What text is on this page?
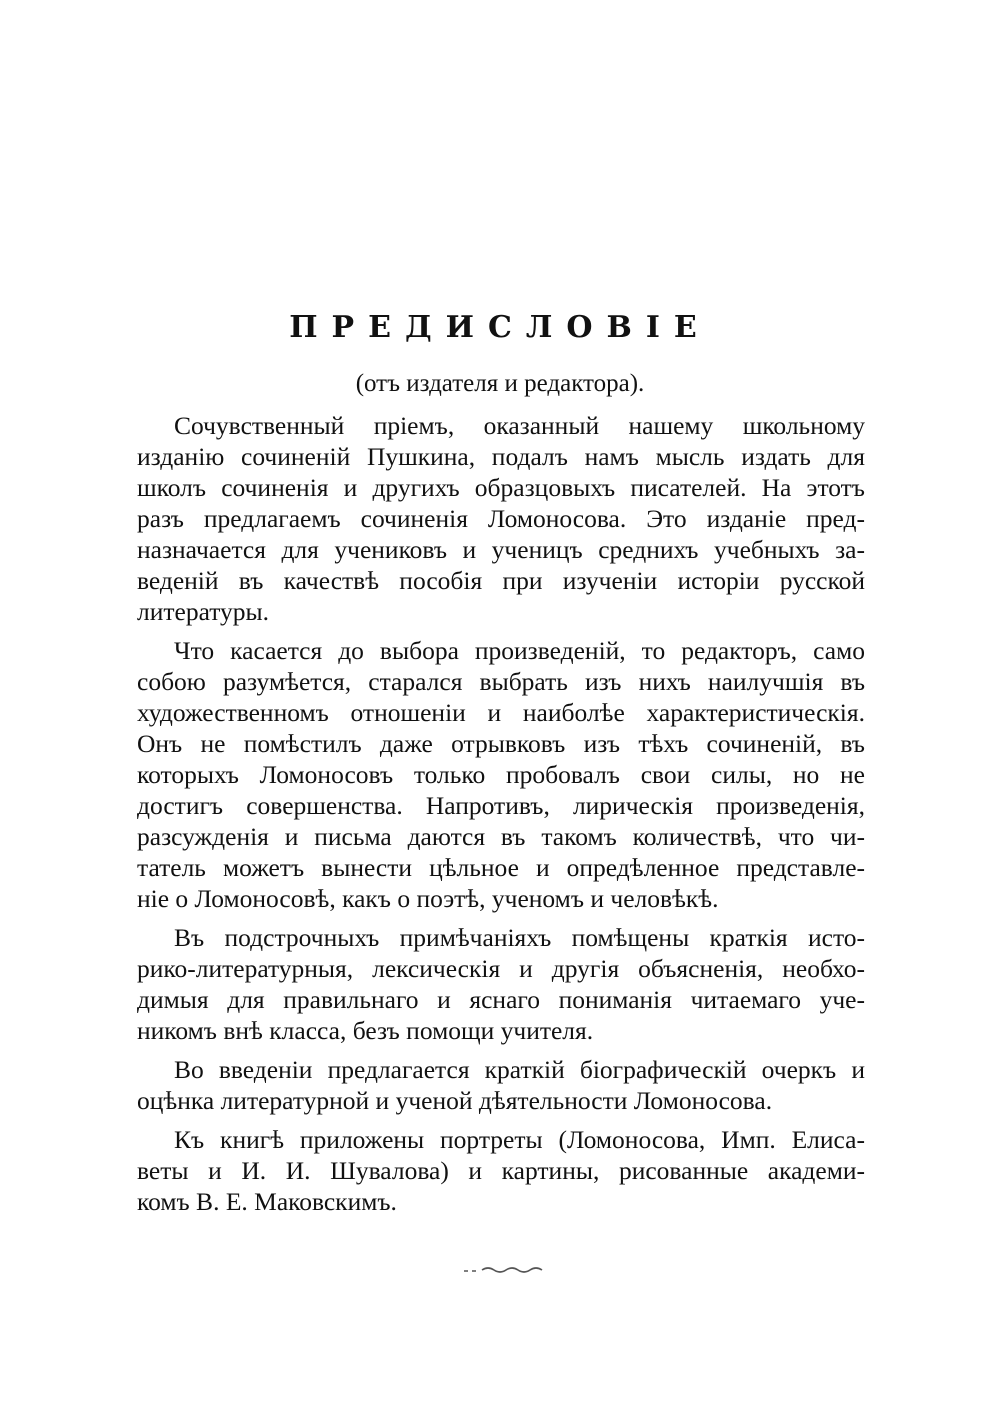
ПРЕДИСЛОВІЕ
(отъ издателя и редактора).
Сочувственный пріемъ, оказанный нашему школьному
изданію сочиненій Пушкина, подалъ намъ мысль издать для
школъ сочиненія и другихъ образцовыхъ писателей. На этотъ
разъ предлагаемъ сочиненія Ломоносова. Это изданіе пред-
назначается для учениковъ и ученицъ среднихъ учебныхъ за-
веденій въ качествѣ пособія при изученіи исторіи русской
литературы.
Что касается до выбора произведеній, то редакторъ, само
собою разумѣется, старался выбрать изъ нихъ наилучшія въ
художественномъ отношеніи и наиболѣе характеристическія.
Онъ не помѣстилъ даже отрывковъ изъ тѣхъ сочиненій, въ
которыхъ Ломоносовъ только пробовалъ свои силы, но не
достигъ совершенства. Напротивъ, лирическія произведенія,
разсужденія и письма даются въ такомъ количествѣ, что чи-
татель можетъ вынести цѣльное и опредѣленное представле-
ніе о Ломоносовѣ, какъ о поэтѣ, ученомъ и человѣкѣ.
Въ подстрочныхъ примѣчаніяхъ помѣщены краткія исто-
рико-литературныя, лексическія и другія объясненія, необхо-
димыя для правильнаго и яснаго пониманія читаемаго уче-
никомъ внѣ класса, безъ помощи учителя.
Во введеніи предлагается краткій біографическій очеркъ и
оцѣнка литературной и ученой дѣятельности Ломоносова.
Къ книгѣ приложены портреты (Ломоносова, Имп. Елиса-
веты и И. И. Шувалова) и картины, рисованные академи-
комъ В. Е. Маковскимъ.
